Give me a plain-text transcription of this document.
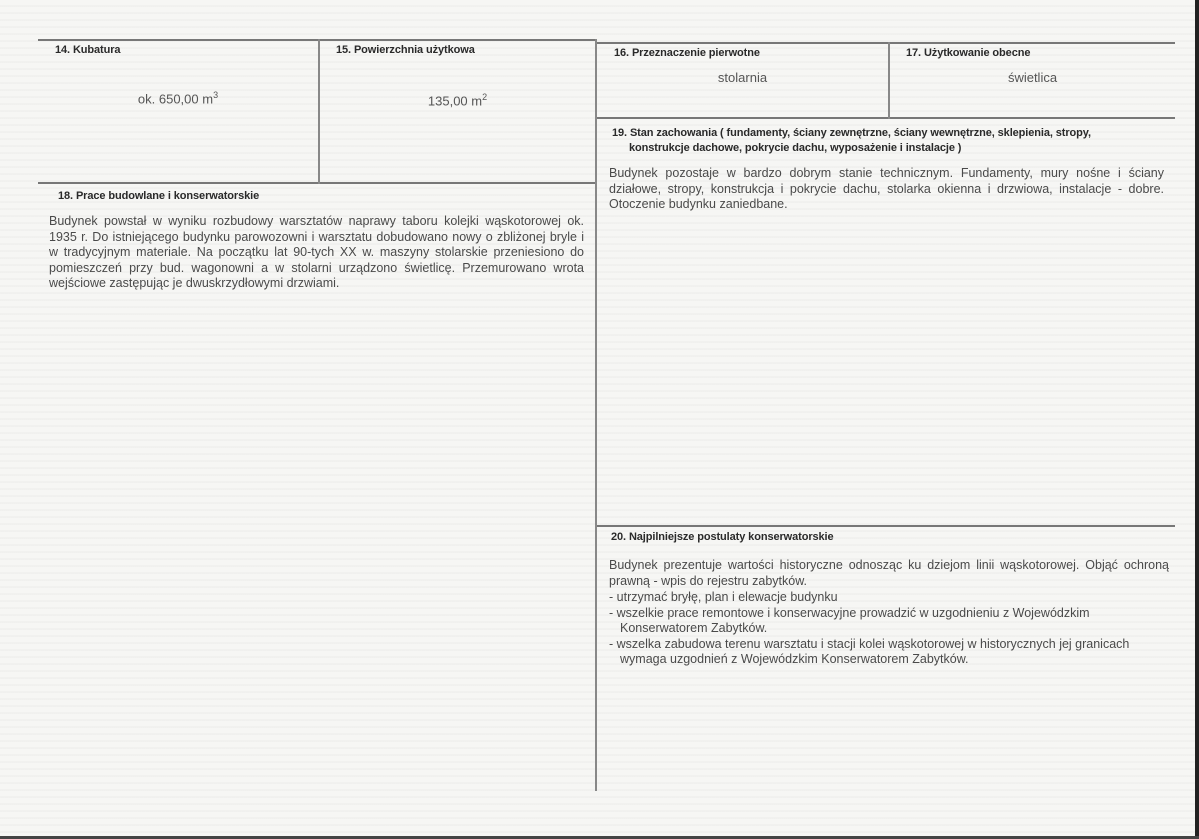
14. Kubatura
ok. 650,00 $m^3$
15. Powierzchnia użytkowa
135,00 $m^2$
16. Przeznaczenie pierwotne
stolarnia
17. Użytkowanie obecne
świetlica
19. Stan zachowania ( fundamenty, ściany zewnętrzne, ściany wewnętrzne, sklepienia, stropy,
konstrukcje dachowe, pokrycie dachu, wyposażenie i instalacje )
Budynek pozostaje w bardzo dobrym stanie technicznym. Fundamenty, mury nośne i ściany działowe, stropy, konstrukcja i pokrycie dachu, stolarka okienna i drzwiowa, instalacje - dobre. Otoczenie budynku zaniedbane.
18. Prace budowlane i konserwatorskie
Budynek powstał w wyniku rozbudowy warsztatów naprawy taboru kolejki wąskotorowej ok. 1935 r. Do istniejącego budynku parowozowni i warsztatu dobudowano nowy o zbliżonej bryle i w tradycyjnym materiale. Na początku lat 90-tych XX w. maszyny stolarskie przeniesiono do pomieszczeń przy bud. wagonowni a w stolarni urządzono świetlicę. Przemurowano wrota wejściowe zastępując je dwuskrzydłowymi drzwiami.
20. Najpilniejsze postulaty konserwatorskie
Budynek prezentuje wartości historyczne odnosząc ku dziejom linii wąskotorowej. Objąć ochroną prawną - wpis do rejestru zabytków.
- utrzymać bryłę, plan i elewacje budynku
- wszelkie prace remontowe i konserwacyjne prowadzić w uzgodnieniu z Wojewódzkim Konserwatorem Zabytków.
- wszelka zabudowa terenu warsztatu i stacji kolei wąskotorowej w historycznych jej granicach wymaga uzgodnień z Wojewódzkim Konserwatorem Zabytków.
